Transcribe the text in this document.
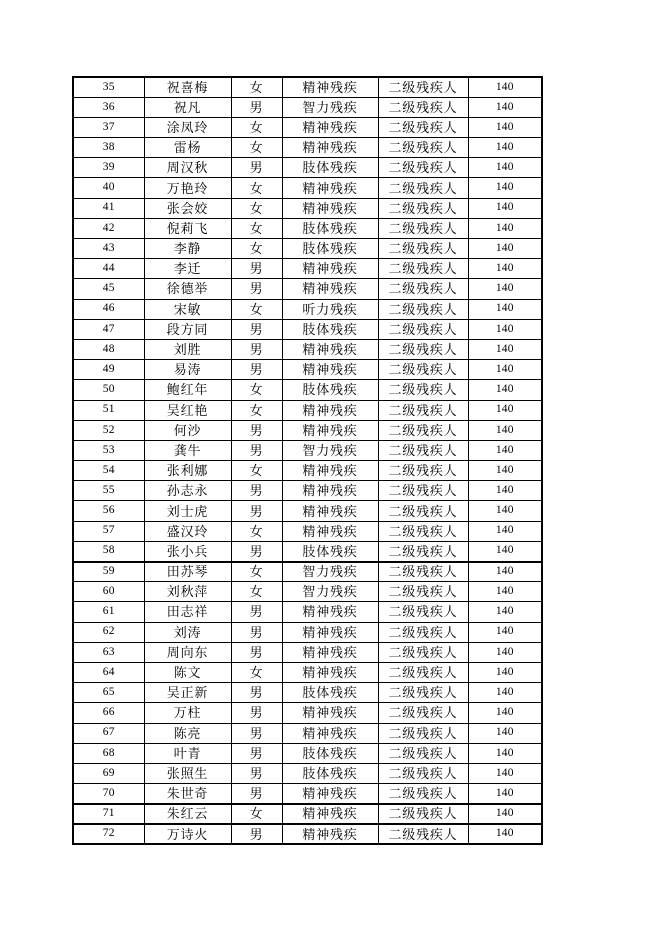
35	祝喜梅	女	精神残疾	二级残疾人	140
36	祝凡	男	智力残疾	二级残疾人	140
37	涂凤玲	女	精神残疾	二级残疾人	140
38	雷杨	女	精神残疾	二级残疾人	140
39	周汉秋	男	肢体残疾	二级残疾人	140
40	万艳玲	女	精神残疾	二级残疾人	140
41	张会姣	女	精神残疾	二级残疾人	140
42	倪莉飞	女	肢体残疾	二级残疾人	140
43	李静	女	肢体残疾	二级残疾人	140
44	李迁	男	精神残疾	二级残疾人	140
45	徐德举	男	精神残疾	二级残疾人	140
46	宋敏	女	听力残疾	二级残疾人	140
47	段方同	男	肢体残疾	二级残疾人	140
48	刘胜	男	精神残疾	二级残疾人	140
49	易涛	男	精神残疾	二级残疾人	140
50	鲍红年	女	肢体残疾	二级残疾人	140
51	吴红艳	女	精神残疾	二级残疾人	140
52	何沙	男	精神残疾	二级残疾人	140
53	龚牛	男	智力残疾	二级残疾人	140
54	张利娜	女	精神残疾	二级残疾人	140
55	孙志永	男	精神残疾	二级残疾人	140
56	刘士虎	男	精神残疾	二级残疾人	140
57	盛汉玲	女	精神残疾	二级残疾人	140
58	张小兵	男	肢体残疾	二级残疾人	140
59	田苏琴	女	智力残疾	二级残疾人	140
60	刘秋萍	女	智力残疾	二级残疾人	140
61	田志祥	男	精神残疾	二级残疾人	140
62	刘涛	男	精神残疾	二级残疾人	140
63	周向东	男	精神残疾	二级残疾人	140
64	陈文	女	精神残疾	二级残疾人	140
65	吴正新	男	肢体残疾	二级残疾人	140
66	万柱	男	精神残疾	二级残疾人	140
67	陈亮	男	精神残疾	二级残疾人	140
68	叶青	男	肢体残疾	二级残疾人	140
69	张照生	男	肢体残疾	二级残疾人	140
70	朱世奇	男	精神残疾	二级残疾人	140
71	朱红云	女	精神残疾	二级残疾人	140
72	万诗火	男	精神残疾	二级残疾人	140
